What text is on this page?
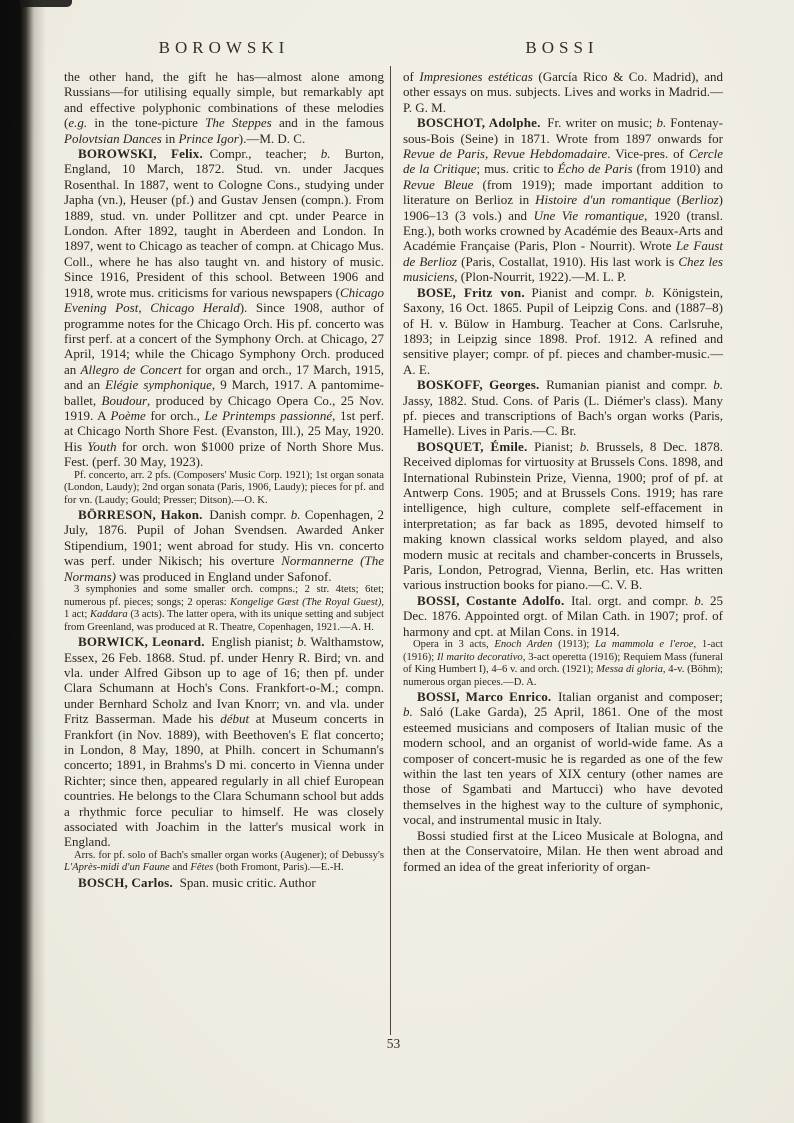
BOROWSKI	BOSSI

the other hand, the gift he has—almost alone among Russians—for utilising equally simple, but remarkably apt and effective polyphonic combinations of these melodies (e.g. in the tone-picture The Steppes and in the famous Polovtsian Dances in Prince Igor).—M. D. C.

BOROWSKI, Felix. Compr., teacher; b. Burton, England, 10 March, 1872. Stud. vn. under Jacques Rosenthal. In 1887, went to Cologne Cons., studying under Japha (vn.), Heuser (pf.) and Gustav Jensen (compn.). From 1889, stud. vn. under Pollitzer and cpt. under Pearce in London. After 1892, taught in Aberdeen and London. In 1897, went to Chicago as teacher of compn. at Chicago Mus. Coll., where he has also taught vn. and history of music. Since 1916, President of this school. Between 1906 and 1918, wrote mus. criticisms for various newspapers (Chicago Evening Post, Chicago Herald). Since 1908, author of programme notes for the Chicago Orch. His pf. concerto was first perf. at a concert of the Symphony Orch. at Chicago, 27 April, 1914; while the Chicago Symphony Orch. produced an Allegro de Concert for organ and orch., 17 March, 1915, and an Elégie symphonique, 9 March, 1917. A pantomime-ballet, Boudour, produced by Chicago Opera Co., 25 Nov. 1919. A Poème for orch., Le Printemps passionné, 1st perf. at Chicago North Shore Fest. (Evanston, Ill.), 25 May, 1920. His Youth for orch. won $1000 prize of North Shore Mus. Fest. (perf. 30 May, 1923).

Pf. concerto, arr. 2 pfs. (Composers' Music Corp. 1921); 1st organ sonata (London, Laudy); 2nd organ sonata (Paris, 1906, Laudy); pieces for pf. and for vn. (Laudy; Gould; Presser; Ditson).—O. K.

BÖRRESON, Hakon. Danish compr. b. Copenhagen, 2 July, 1876. Pupil of Johan Svendsen. Awarded Anker Stipendium, 1901; went abroad for study. His vn. concerto was perf. under Nikisch; his overture Normannerne (The Normans) was produced in England under Safonof.

3 symphonies and some smaller orch. compns.; 2 str. 4tets; 6tet; numerous pf. pieces; songs; 2 operas: Kongelige Gæst (The Royal Guest), 1 act; Kaddara (3 acts). The latter opera, with its unique setting and subject from Greenland, was produced at R. Theatre, Copenhagen, 1921.—A. H.

BORWICK, Leonard. English pianist; b. Walthamstow, Essex, 26 Feb. 1868. Stud. pf. under Henry R. Bird; vn. and vla. under Alfred Gibson up to age of 16; then pf. under Clara Schumann at Hoch's Cons. Frankfort-o-M.; compn. under Bernhard Scholz and Ivan Knorr; vn. and vla. under Fritz Basserman. Made his début at Museum concerts in Frankfort (in Nov. 1889), with Beethoven's E flat concerto; in London, 8 May, 1890, at Philh. concert in Schumann's concerto; 1891, in Brahms's D mi. concerto in Vienna under Richter; since then, appeared regularly in all chief European countries. He belongs to the Clara Schumann school but adds a rhythmic force peculiar to himself. He was closely associated with Joachim in the latter's musical work in England.

Arrs. for pf. solo of Bach's smaller organ works (Augener); of Debussy's L'Après-midi d'un Faune and Fêtes (both Fromont, Paris).—E.-H.

BOSCH, Carlos. Span. music critic. Author

of Impresiones estéticas (García Rico & Co. Madrid), and other essays on mus. subjects. Lives and works in Madrid.—P. G. M.

BOSCHOT, Adolphe. Fr. writer on music; b. Fontenay-sous-Bois (Seine) in 1871. Wrote from 1897 onwards for Revue de Paris, Revue Hebdomadaire. Vice-pres. of Cercle de la Critique; mus. critic to Écho de Paris (from 1910) and Revue Bleue (from 1919); made important addition to literature on Berlioz in Histoire d'un romantique (Berlioz) 1906–13 (3 vols.) and Une Vie romantique, 1920 (transl. Eng.), both works crowned by Académie des Beaux-Arts and Académie Française (Paris, Plon - Nourrit). Wrote Le Faust de Berlioz (Paris, Costallat, 1910). His last work is Chez les musiciens, (Plon-Nourrit, 1922).—M. L. P.

BOSE, Fritz von. Pianist and compr. b. Königstein, Saxony, 16 Oct. 1865. Pupil of Leipzig Cons. and (1887–8) of H. v. Bülow in Hamburg. Teacher at Cons. Carlsruhe, 1893; in Leipzig since 1898. Prof. 1912. A refined and sensitive player; compr. of pf. pieces and chamber-music.—A. E.

BOSKOFF, Georges. Rumanian pianist and compr. b. Jassy, 1882. Stud. Cons. of Paris (L. Diémer's class). Many pf. pieces and transcriptions of Bach's organ works (Paris, Hamelle). Lives in Paris.—C. Br.

BOSQUET, Émile. Pianist; b. Brussels, 8 Dec. 1878. Received diplomas for virtuosity at Brussels Cons. 1898, and International Rubinstein Prize, Vienna, 1900; prof of pf. at Antwerp Cons. 1905; and at Brussels Cons. 1919; has rare intelligence, high culture, complete self-effacement in interpretation; as far back as 1895, devoted himself to making known classical works seldom played, and also modern music at recitals and chamber-concerts in Brussels, Paris, London, Petrograd, Vienna, Berlin, etc. Has written various instruction books for piano.—C. V. B.

BOSSI, Costante Adolfo. Ital. orgt. and compr. b. 25 Dec. 1876. Appointed orgt. of Milan Cath. in 1907; prof. of harmony and cpt. at Milan Cons. in 1914.

Opera in 3 acts, Enoch Arden (1913); La mammola e l'eroe, 1-act (1916); Il marito decorativo, 3-act operetta (1916); Requiem Mass (funeral of King Humbert I), 4–6 v. and orch. (1921); Messa di gloria, 4-v. (Böhm); numerous organ pieces.—D. A.

BOSSI, Marco Enrico. Italian organist and composer; b. Saló (Lake Garda), 25 April, 1861. One of the most esteemed musicians and composers of Italian music of the modern school, and an organist of world-wide fame. As a composer of concert-music he is regarded as one of the few within the last ten years of XIX century (other names are those of Sgambati and Martucci) who have devoted themselves in the highest way to the culture of symphonic, vocal, and instrumental music in Italy.

Bossi studied first at the Liceo Musicale at Bologna, and then at the Conservatoire, Milan. He then went abroad and formed an idea of the great inferiority of organ-

53
